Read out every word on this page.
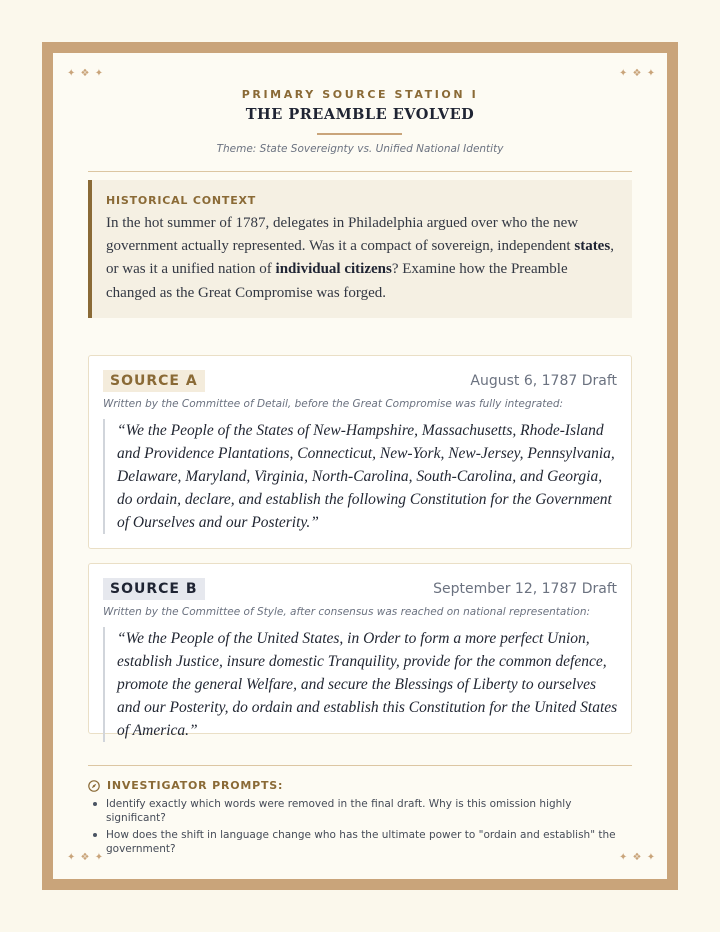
✦ ❖ ✦	✦ ❖ ✦
✦ ❖ ✦	✦ ❖ ✦
PRIMARY SOURCE STATION I
THE PREAMBLE EVOLVED
Theme: State Sovereignty vs. Unified National Identity
HISTORICAL CONTEXT
In the hot summer of 1787, delegates in Philadelphia argued over who the new government actually represented. Was it a compact of sovereign, independent states, or was it a unified nation of individual citizens? Examine how the Preamble changed as the Great Compromise was forged.
SOURCE A	August 6, 1787 Draft
Written by the Committee of Detail, before the Great Compromise was fully integrated:
“We the People of the States of New-Hampshire, Massachusetts, Rhode-Island and Providence Plantations, Connecticut, New-York, New-Jersey, Pennsylvania, Delaware, Maryland, Virginia, North-Carolina, South-Carolina, and Georgia, do ordain, declare, and establish the following Constitution for the Government of Ourselves and our Posterity.”
SOURCE B	September 12, 1787 Draft
Written by the Committee of Style, after consensus was reached on national representation:
“We the People of the United States, in Order to form a more perfect Union, establish Justice, insure domestic Tranquility, provide for the common defence, promote the general Welfare, and secure the Blessings of Liberty to ourselves and our Posterity, do ordain and establish this Constitution for the United States of America.”
INVESTIGATOR PROMPTS:
Identify exactly which words were removed in the final draft. Why is this omission highly significant?
How does the shift in language change who has the ultimate power to "ordain and establish" the government?
